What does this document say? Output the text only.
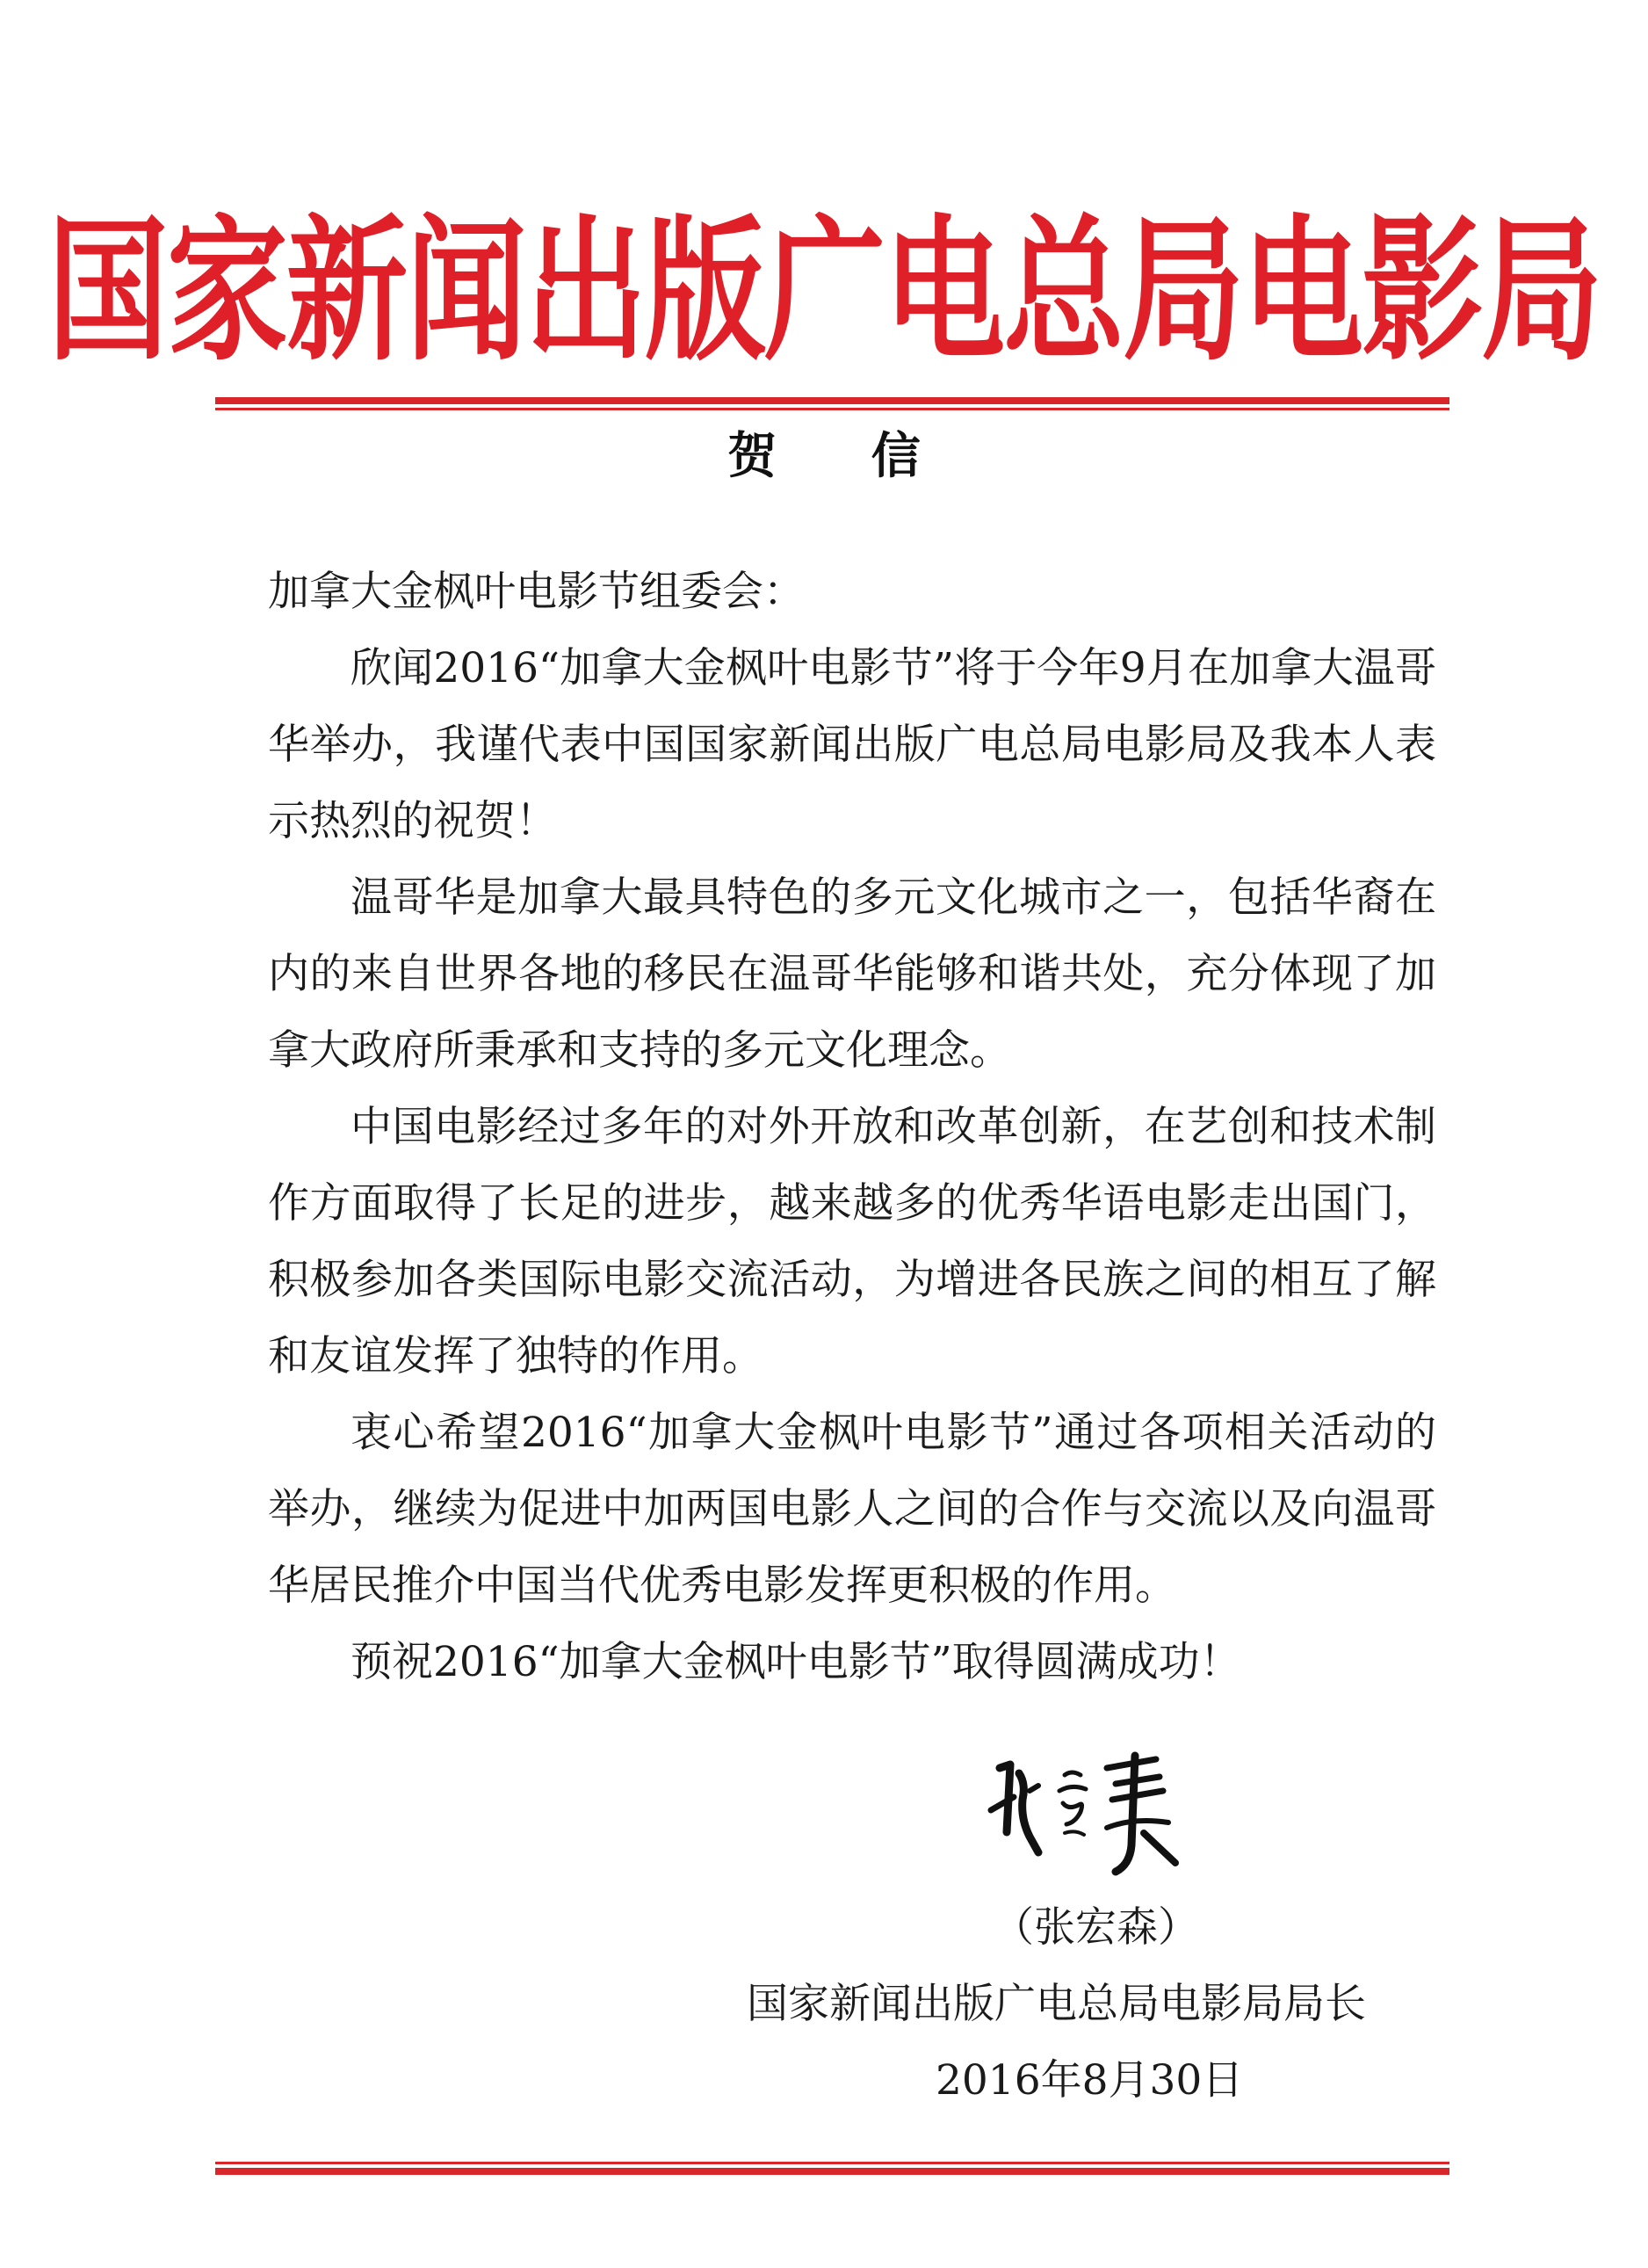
国家新闻出版广电总局电影局
贺 信

加拿大金枫叶电影节组委会：

欣闻2016“加拿大金枫叶电影节”将于今年9月在加拿大温哥华举办，我谨代表中国国家新闻出版广电总局电影局及我本人表示热烈的祝贺！

温哥华是加拿大最具特色的多元文化城市之一，包括华裔在内的来自世界各地的移民在温哥华能够和谐共处，充分体现了加拿大政府所秉承和支持的多元文化理念。

中国电影经过多年的对外开放和改革创新，在艺创和技术制作方面取得了长足的进步，越来越多的优秀华语电影走出国门，积极参加各类国际电影交流活动，为增进各民族之间的相互了解和友谊发挥了独特的作用。

衷心希望2016“加拿大金枫叶电影节”通过各项相关活动的举办，继续为促进中加两国电影人之间的合作与交流以及向温哥华居民推介中国当代优秀电影发挥更积极的作用。

预祝2016“加拿大金枫叶电影节”取得圆满成功！

（张宏森）
国家新闻出版广电总局电影局局长
2016年8月30日
